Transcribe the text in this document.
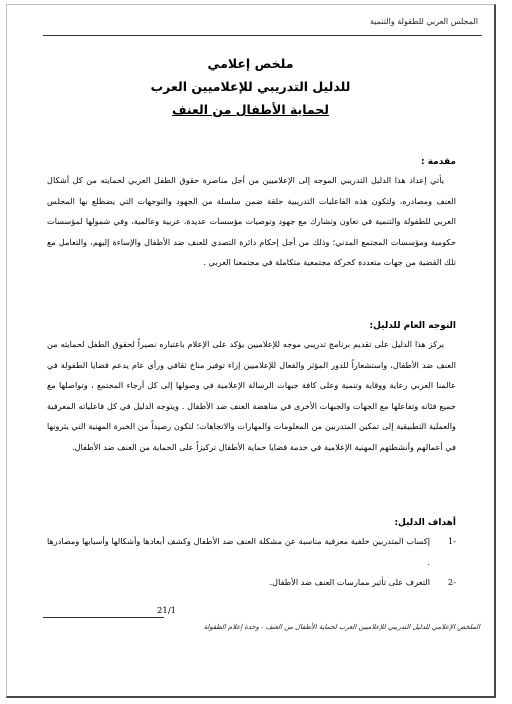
المجلس العربي للطفولة والتنمية
ملخص إعلامي
للدليل التدريبي للإعلاميين العرب
لحماية الأطفال من العنف
مقدمة :

يأتي إعداد هذا الدليل التدريبي الموجه إلى الإعلاميين من أجل مناصرة حقوق الطفل العربي لحمايته من كل أشكال العنف ومصادره، ولتكون هذه الفاعليات التدريبية حلقة ضمن سلسلة من الجهود والتوجهات التي يضطلع بها المجلس العربي للطفولة والتنمية في تعاون وتشارك مع جهود وتوصيات مؤسسات عديدة، عربية وعالمية، وفي شمولها لمؤسسات حكومية ومؤسسات المجتمع المدني؛ وذلك من أجل إحكام دائرة التصدي للعنف ضد الأطفال والإساءة إليهم، والتعامل مع تلك القضية من جهات متعددة كحركة مجتمعية متكاملة في مجتمعنا العربي .

التوجه العام للدليل:

يركز هذا الدليل على تقديم برنامج تدريبي موجه للإعلاميين يؤكد على الإعلام باعتباره نصيراً لحقوق الطفل لحمايته من العنف ضد الأطفال، واستشعاراً للدور المؤثر والفعال للإعلاميين إزاء توفير مناخ ثقافي ورأي عام يدعم قضايا الطفولة في عالمنا العربي رعاية ووقاية وتنمية وعلى كافة جبهات الرسالة الإعلامية في وصولها إلى كل أرجاء المجتمع ، وتواصلها مع جميع فئاته وتفاعلها مع الجهات والجبهات الأخرى في مناهضة العنف ضد الأطفال . ويتوجه الدليل في كل فاعلياته المعرفية والعملية التطبيقية إلى تمكين المتدربين من المعلومات والمهارات والاتجاهات؛ لتكون رصيداً من الخبرة المهنية التي يثرونها في أعمالهم وأنشطتهم المهنية الإعلامية في خدمة قضايا حماية الأطفال تركيزاً على الحماية من العنف ضد الأطفال.

أهداف الدليل:
-1
إكساب المتدربين خلفية معرفية مناسبة عن مشكلة العنف ضد الأطفال وكشف أبعادها وأشكالها وأسبابها ومصادرها .
-2
التعرف على تأثير ممارسات العنف ضد الأطفال.
21/1
الملخص الإعلامي للدليل التدريبي للإعلاميين العرب لحماية الأطفال من العنف - وحدة إعلام الطفولة
